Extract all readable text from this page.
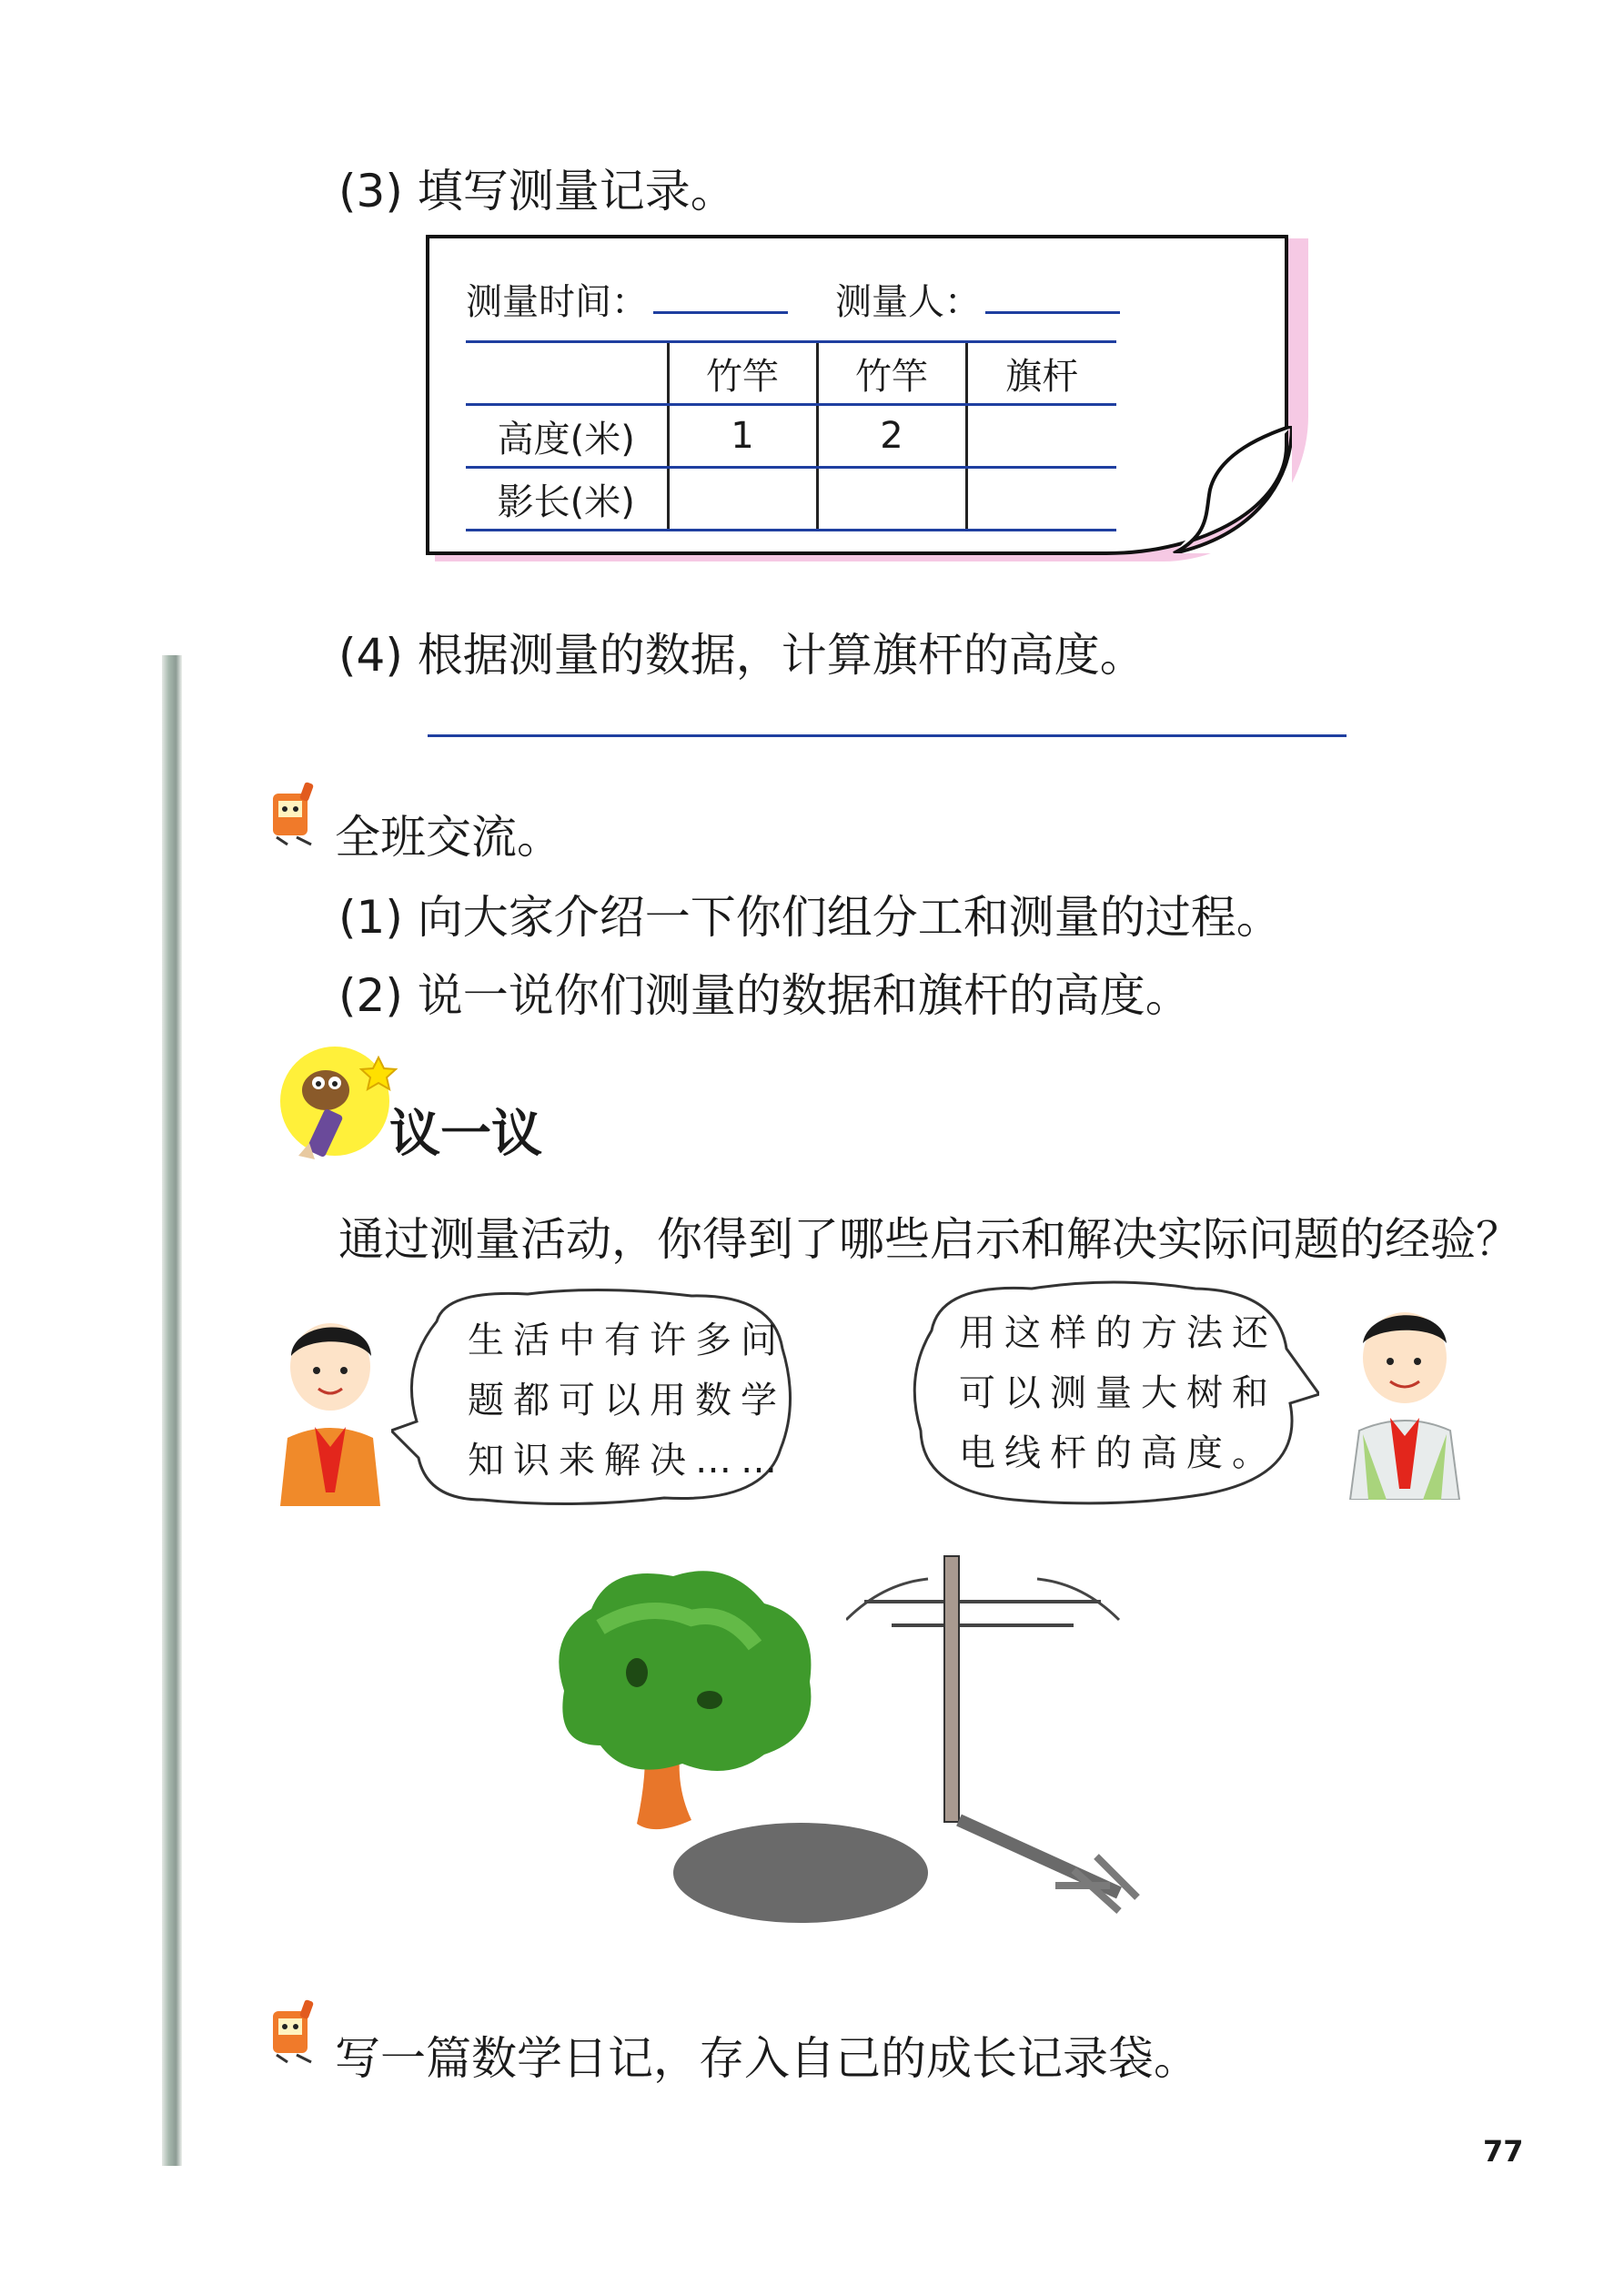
(3) 填写测量记录。
测量时间：	测量人：
	竹竿	竹竿	旗杆
高度(米)	1	2	
影长(米)			
(4) 根据测量的数据，计算旗杆的高度。
全班交流。
(1) 向大家介绍一下你们组分工和测量的过程。
(2) 说一说你们测量的数据和旗杆的高度。
议一议
通过测量活动，你得到了哪些启示和解决实际问题的经验？
生活中有许多问
题都可以用数学
知识来解决……
用这样的方法还
可以测量大树和
电线杆的高度。
写一篇数学日记，存入自己的成长记录袋。
77
